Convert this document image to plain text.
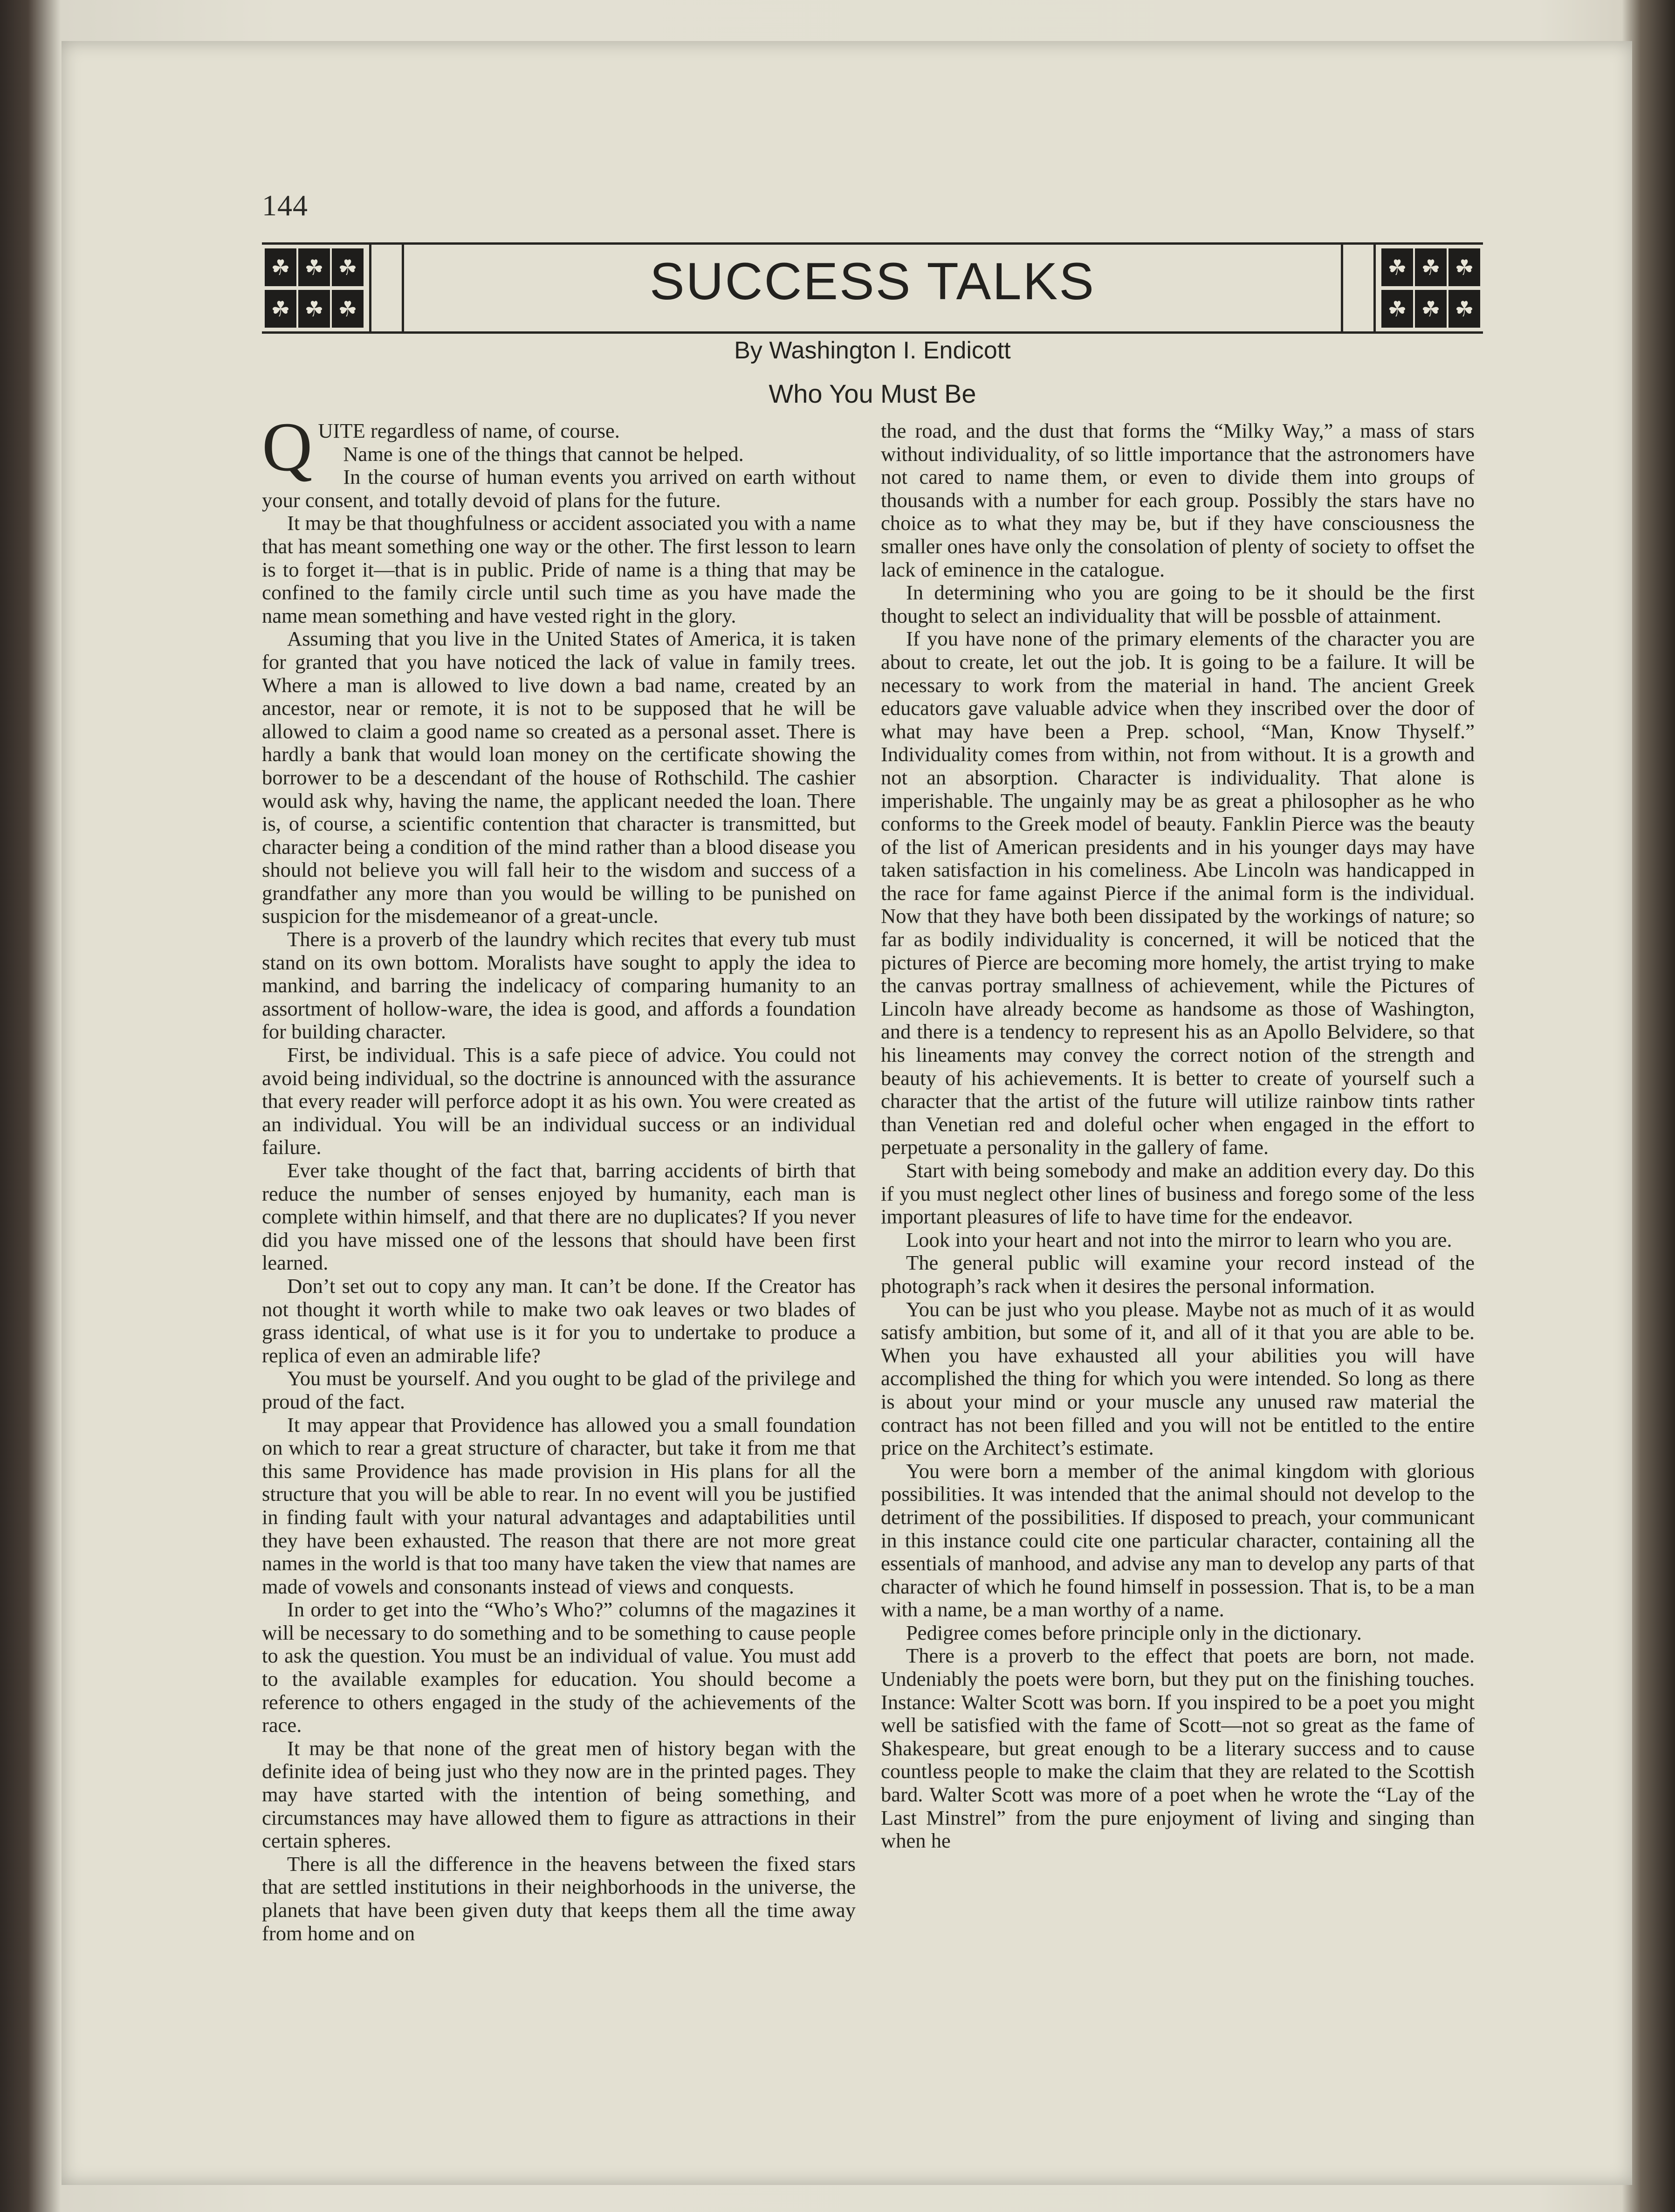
144
☘ ☘ ☘
☘ ☘ ☘	SUCCESS TALKS	☘ ☘ ☘
☘ ☘ ☘
By Washington I. Endicott
Who You Must Be

QUITE regardless of name, of course.

Name is one of the things that cannot be helped.

In the course of human events you arrived on earth without your consent, and totally devoid of plans for the future.

It may be that thoughfulness or accident associated you with a name that has meant something one way or the other. The first lesson to learn is to forget it—that is in public. Pride of name is a thing that may be confined to the family circle until such time as you have made the name mean something and have vested right in the glory.

Assuming that you live in the United States of America, it is taken for granted that you have noticed the lack of value in family trees. Where a man is allowed to live down a bad name, created by an ancestor, near or remote, it is not to be supposed that he will be allowed to claim a good name so created as a personal asset. There is hardly a bank that would loan money on the certificate showing the borrower to be a descendant of the house of Rothschild. The cashier would ask why, having the name, the applicant needed the loan. There is, of course, a scientific contention that character is transmitted, but character being a condition of the mind rather than a blood disease you should not believe you will fall heir to the wisdom and success of a grandfather any more than you would be willing to be punished on suspicion for the misdemeanor of a great-uncle.

There is a proverb of the laundry which recites that every tub must stand on its own bottom. Moralists have sought to apply the idea to mankind, and barring the indelicacy of comparing humanity to an assortment of hollow-ware, the idea is good, and affords a foundation for building character.

First, be individual. This is a safe piece of advice. You could not avoid being individual, so the doctrine is announced with the assurance that every reader will perforce adopt it as his own. You were created as an individual. You will be an individual success or an individual failure.

Ever take thought of the fact that, barring accidents of birth that reduce the number of senses enjoyed by humanity, each man is complete within himself, and that there are no duplicates? If you never did you have missed one of the lessons that should have been first learned.

Don’t set out to copy any man. It can’t be done. If the Creator has not thought it worth while to make two oak leaves or two blades of grass identical, of what use is it for you to undertake to produce a replica of even an admirable life?

You must be yourself. And you ought to be glad of the privilege and proud of the fact.

It may appear that Providence has allowed you a small foundation on which to rear a great structure of character, but take it from me that this same Providence has made provision in His plans for all the structure that you will be able to rear. In no event will you be justified in finding fault with your natural advantages and adaptabilities until they have been exhausted. The reason that there are not more great names in the world is that too many have taken the view that names are made of vowels and consonants instead of views and conquests.

In order to get into the “Who’s Who?” columns of the magazines it will be necessary to do something and to be something to cause people to ask the question. You must be an individual of value. You must add to the available examples for education. You should become a reference to others engaged in the study of the achievements of the race.

It may be that none of the great men of history began with the definite idea of being just who they now are in the printed pages. They may have started with the intention of being something, and circumstances may have allowed them to figure as attractions in their certain spheres.

There is all the difference in the heavens between the fixed stars that are settled institutions in their neighborhoods in the universe, the planets that have been given duty that keeps them all the time away from home and on

the road, and the dust that forms the “Milky Way,” a mass of stars without individuality, of so little importance that the astronomers have not cared to name them, or even to divide them into groups of thousands with a number for each group. Possibly the stars have no choice as to what they may be, but if they have consciousness the smaller ones have only the consolation of plenty of society to offset the lack of eminence in the catalogue.

In determining who you are going to be it should be the first thought to select an individuality that will be possble of attainment.

If you have none of the primary elements of the character you are about to create, let out the job. It is going to be a failure. It will be necessary to work from the material in hand. The ancient Greek educators gave valuable advice when they inscribed over the door of what may have been a Prep. school, “Man, Know Thyself.” Individuality comes from within, not from without. It is a growth and not an absorption. Character is individuality. That alone is imperishable. The ungainly may be as great a philosopher as he who conforms to the Greek model of beauty. Fanklin Pierce was the beauty of the list of American presidents and in his younger days may have taken satisfaction in his comeliness. Abe Lincoln was handicapped in the race for fame against Pierce if the animal form is the individual. Now that they have both been dissipated by the workings of nature; so far as bodily individuality is concerned, it will be noticed that the pictures of Pierce are becoming more homely, the artist trying to make the canvas portray smallness of achievement, while the Pictures of Lincoln have already become as handsome as those of Washington, and there is a tendency to represent his as an Apollo Belvidere, so that his lineaments may convey the correct notion of the strength and beauty of his achievements. It is better to create of yourself such a character that the artist of the future will utilize rainbow tints rather than Venetian red and doleful ocher when engaged in the effort to perpetuate a personality in the gallery of fame.

Start with being somebody and make an addition every day. Do this if you must neglect other lines of business and forego some of the less important pleasures of life to have time for the endeavor.

Look into your heart and not into the mirror to learn who you are.

The general public will examine your record instead of the photograph’s rack when it desires the personal information.

You can be just who you please. Maybe not as much of it as would satisfy ambition, but some of it, and all of it that you are able to be. When you have exhausted all your abilities you will have accomplished the thing for which you were intended. So long as there is about your mind or your muscle any unused raw material the contract has not been filled and you will not be entitled to the entire price on the Architect’s estimate.

You were born a member of the animal kingdom with glorious possibilities. It was intended that the animal should not develop to the detriment of the possibilities. If disposed to preach, your communicant in this instance could cite one particular character, containing all the essentials of manhood, and advise any man to develop any parts of that character of which he found himself in possession. That is, to be a man with a name, be a man worthy of a name.

Pedigree comes before principle only in the dictionary.

There is a proverb to the effect that poets are born, not made. Undeniably the poets were born, but they put on the finishing touches. Instance: Walter Scott was born. If you inspired to be a poet you might well be satisfied with the fame of Scott—not so great as the fame of Shakespeare, but great enough to be a literary success and to cause countless people to make the claim that they are related to the Scottish bard. Walter Scott was more of a poet when he wrote the “Lay of the Last Minstrel” from the pure enjoyment of living and singing than when he
